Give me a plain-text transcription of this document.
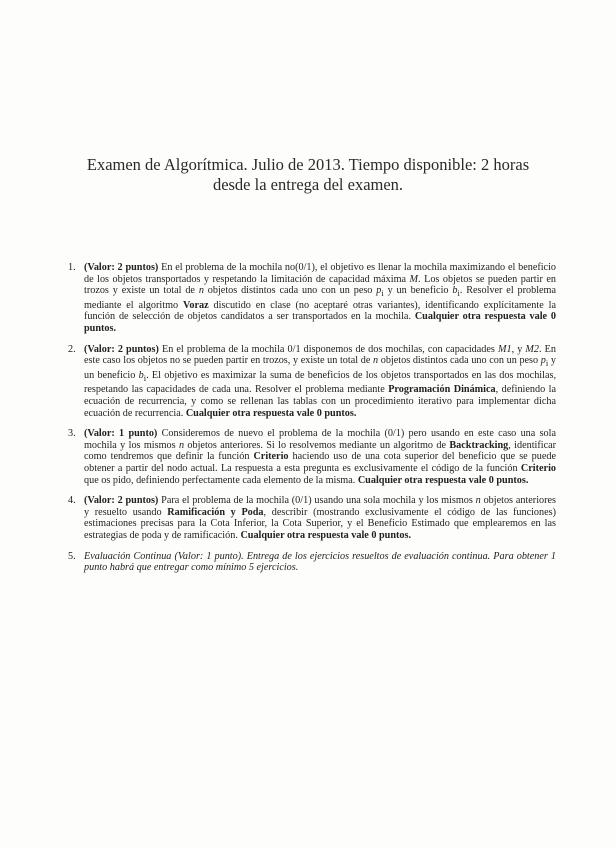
Examen de Algorítmica. Julio de 2013. Tiempo disponible: 2 horas
desde la entrega del examen.
1. (Valor: 2 puntos) En el problema de la mochila no(0/1), el objetivo es llenar la mochila maximizando el beneficio de los objetos transportados y respetando la limitación de capacidad máxima M. Los objetos se pueden partir en trozos y existe un total de n objetos distintos cada uno con un peso $p_i$ y un beneficio $b_i$. Resolver el problema mediante el algoritmo Voraz discutido en clase (no aceptaré otras variantes), identificando explícitamente la función de selección de objetos candidatos a ser transportados en la mochila. Cualquier otra respuesta vale 0 puntos.
2. (Valor: 2 puntos) En el problema de la mochila 0/1 disponemos de dos mochilas, con capacidades M1, y M2. En este caso los objetos no se pueden partir en trozos, y existe un total de n objetos distintos cada uno con un peso $p_i$ y un beneficio $b_i$. El objetivo es maximizar la suma de beneficios de los objetos transportados en las dos mochilas, respetando las capacidades de cada una. Resolver el problema mediante Programación Dinámica, definiendo la ecuación de recurrencia, y como se rellenan las tablas con un procedimiento iterativo para implementar dicha ecuación de recurrencia. Cualquier otra respuesta vale 0 puntos.
3. (Valor: 1 punto) Consideremos de nuevo el problema de la mochila (0/1) pero usando en este caso una sola mochila y los mismos n objetos anteriores. Si lo resolvemos mediante un algoritmo de Backtracking, identificar como tendremos que definir la función Criterio haciendo uso de una cota superior del beneficio que se puede obtener a partir del nodo actual. La respuesta a esta pregunta es exclusivamente el código de la función Criterio que os pido, definiendo perfectamente cada elemento de la misma. Cualquier otra respuesta vale 0 puntos.
4. (Valor: 2 puntos) Para el problema de la mochila (0/1) usando una sola mochila y los mismos n objetos anteriores y resuelto usando Ramificación y Poda, describir (mostrando exclusivamente el código de las funciones) estimaciones precisas para la Cota Inferior, la Cota Superior, y el Beneficio Estimado que emplearemos en las estrategias de poda y de ramificación. Cualquier otra respuesta vale 0 puntos.
5. Evaluación Continua (Valor: 1 punto). Entrega de los ejercicios resueltos de evaluación continua. Para obtener 1 punto habrá que entregar como mínimo 5 ejercicios.
